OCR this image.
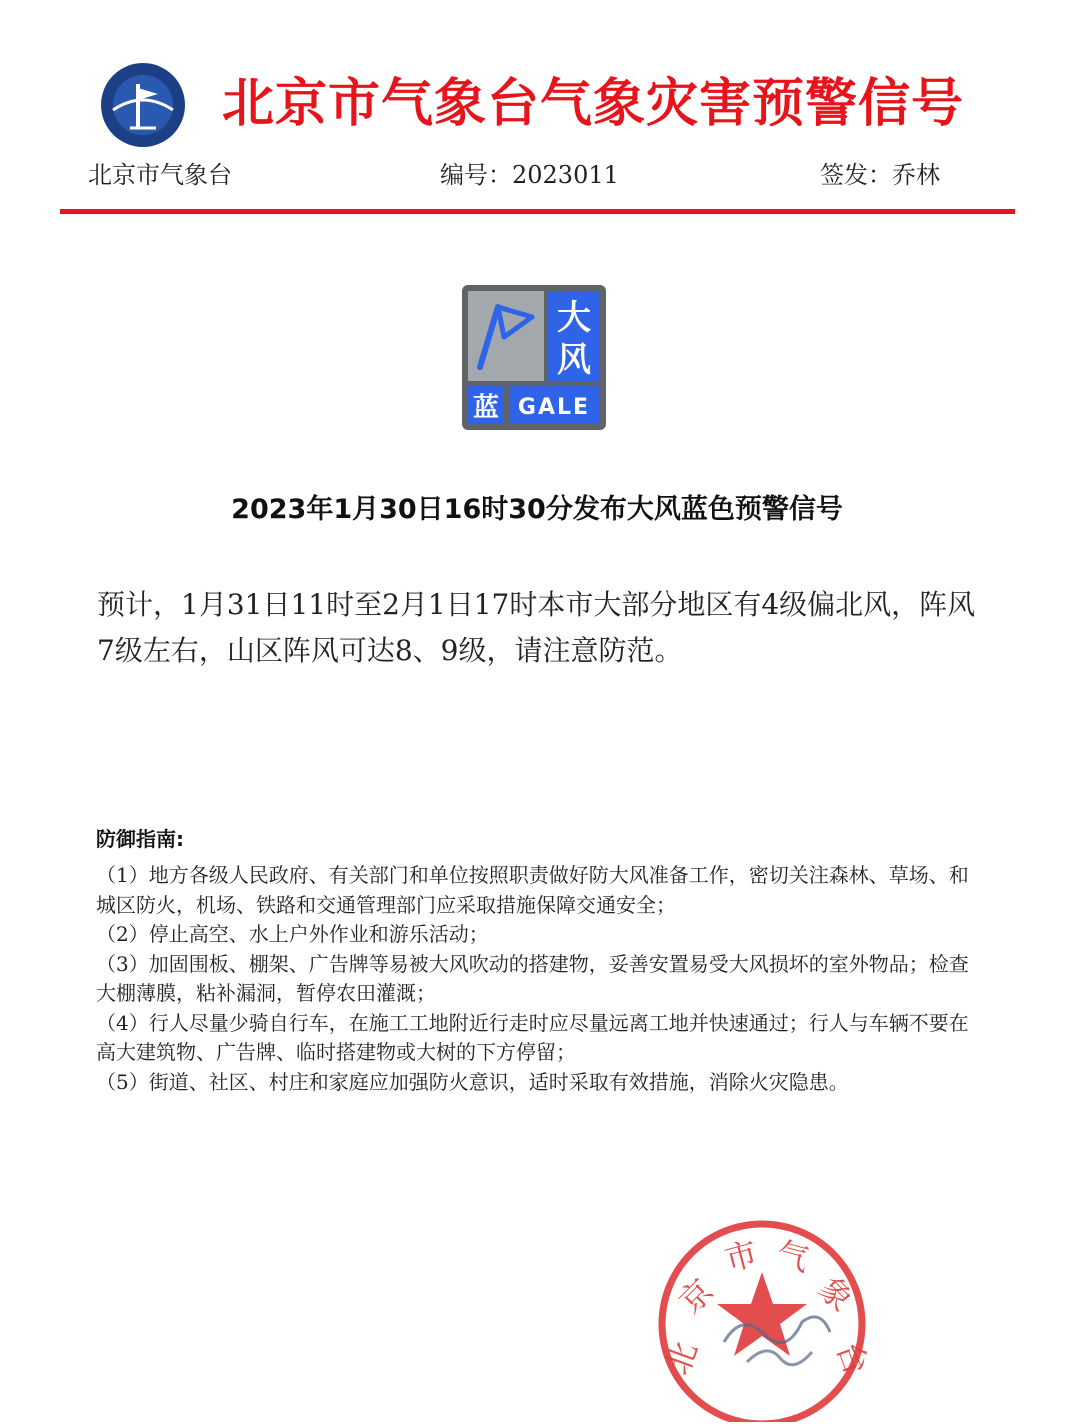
北京市气象台气象灾害预警信号
北京市气象台	编号：2023011	签发：乔林
大
风
蓝 GALE
2023年1月30日16时30分发布大风蓝色预警信号
预计，1月31日11时至2月1日17时本市大部分地区有4级偏北风，阵风7级左右，山区阵风可达8、9级，请注意防范。
防御指南:
（1）地方各级人民政府、有关部门和单位按照职责做好防大风准备工作，密切关注森林、草场、和城区防火，机场、铁路和交通管理部门应采取措施保障交通安全；
（2）停止高空、水上户外作业和游乐活动；
（3）加固围板、棚架、广告牌等易被大风吹动的搭建物，妥善安置易受大风损坏的室外物品；检查大棚薄膜，粘补漏洞，暂停农田灌溉；
（4）行人尽量少骑自行车，在施工工地附近行走时应尽量远离工地并快速通过；行人与车辆不要在高大建筑物、广告牌、临时搭建物或大树的下方停留；
（5）街道、社区、村庄和家庭应加强防火意识，适时采取有效措施，消除火灾隐患。
北
京
市 气
象
台
